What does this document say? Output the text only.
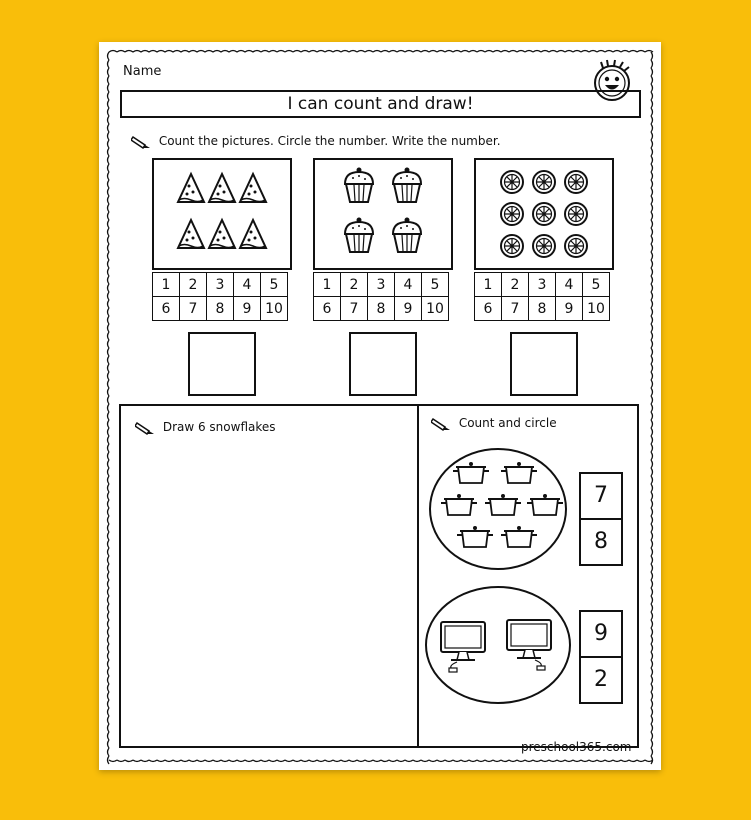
Name
I can count and draw!
Count the pictures. Circle the number. Write the number.
1	2	3	4	5
6	7	8	9	10
1	2	3	4	5
6	7	8	9	10
1	2	3	4	5
6	7	8	9	10
Draw 6 snowflakes	Count and circle
7
8
9
2
preschool365.com
